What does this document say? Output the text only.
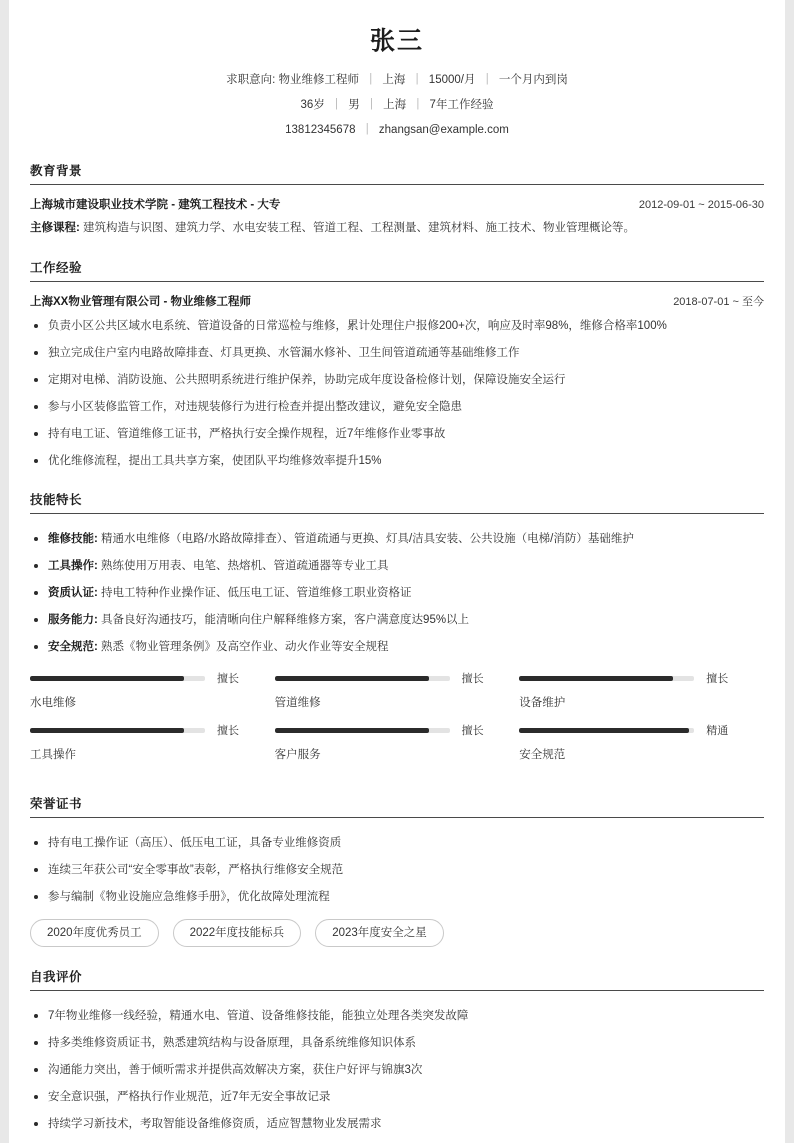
张三
求职意向: 物业维修工程师 | 上海 | 15000/月 | 一个月内到岗
36岁 | 男 | 上海 | 7年工作经验
13812345678 | zhangsan@example.com
教育背景
上海城市建设职业技术学院 - 建筑工程技术 - 大专	2012-09-01 ~ 2015-06-30
主修课程: 建筑构造与识图、建筑力学、水电安装工程、管道工程、工程测量、建筑材料、施工技术、物业管理概论等。
工作经验
上海XX物业管理有限公司 - 物业维修工程师	2018-07-01 ~ 至今
负责小区公共区域水电系统、管道设备的日常巡检与维修，累计处理住户报修200+次，响应及时率98%，维修合格率100%
独立完成住户室内电路故障排查、灯具更换、水管漏水修补、卫生间管道疏通等基础维修工作
定期对电梯、消防设施、公共照明系统进行维护保养，协助完成年度设备检修计划，保障设施安全运行
参与小区装修监管工作，对违规装修行为进行检查并提出整改建议，避免安全隐患
持有电工证、管道维修工证书，严格执行安全操作规程，近7年维修作业零事故
优化维修流程，提出工具共享方案，使团队平均维修效率提升15%
技能特长
维修技能: 精通水电维修（电路/水路故障排查）、管道疏通与更换、灯具/洁具安装、公共设施（电梯/消防）基础维护
工具操作: 熟练使用万用表、电笔、热熔机、管道疏通器等专业工具
资质认证: 持电工特种作业操作证、低压电工证、管道维修工职业资格证
服务能力: 具备良好沟通技巧，能清晰向住户解释维修方案，客户满意度达95%以上
安全规范: 熟悉《物业管理条例》及高空作业、动火作业等安全规程
擅长
水电维修
擅长
管道维修
擅长
设备维护
擅长
工具操作
擅长
客户服务
精通
安全规范
荣誉证书
持有电工操作证（高压）、低压电工证，具备专业维修资质
连续三年获公司“安全零事故”表彰，严格执行维修安全规范
参与编制《物业设施应急维修手册》，优化故障处理流程
2020年度优秀员工	2022年度技能标兵	2023年度安全之星
自我评价
7年物业维修一线经验，精通水电、管道、设备维修技能，能独立处理各类突发故障
持多类维修资质证书，熟悉建筑结构与设备原理，具备系统维修知识体系
沟通能力突出，善于倾听需求并提供高效解决方案，获住户好评与锦旗3次
安全意识强，严格执行作业规范，近7年无安全事故记录
持续学习新技术，考取智能设备维修资质，适应智慧物业发展需求
